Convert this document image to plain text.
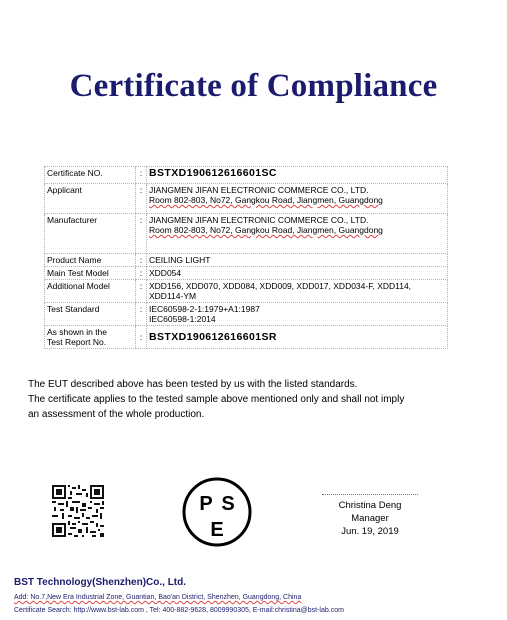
Certificate of Compliance
Certificate NO.	:	BSTXD190612616601SC
Applicant	:	JIANGMEN JIFAN ELECTRONIC COMMERCE CO., LTD.
Room 802-803, No72, Gangkou Road, Jiangmen, Guangdong

Manufacturer	:	JIANGMEN JIFAN ELECTRONIC COMMERCE CO., LTD.
Room 802-803, No72, Gangkou Road, Jiangmen, Guangdong

Product Name	:	CEILING LIGHT
Main Test Model	:	XDD054
Additional Model	:	XDD156, XDD070, XDD084, XDD009, XDD017, XDD034-F, XDD114,
XDD114-YM

Test Standard	:	IEC60598-2-1:1979+A1:1987
IEC60598-1:2014

As shown in the
Test Report No.	:	BSTXD190612616601SR

The EUT described above has been tested by us with the listed standards.

The certificate applies to the tested sample above mentioned only and shall not imply

an assessment of the whole production.

P S
E
Christina Deng
Manager
Jun. 19, 2019
BST Technology(Shenzhen)Co., Ltd.
Add: No.7,New Era Industrial Zone, Guantian, Bao'an District, Shenzhen, Guangdong, China
Certificate Search: http://www.bst-lab.com , Tel: 400-882-9628, 8009990305, E-mail:christina@bst-lab.com
